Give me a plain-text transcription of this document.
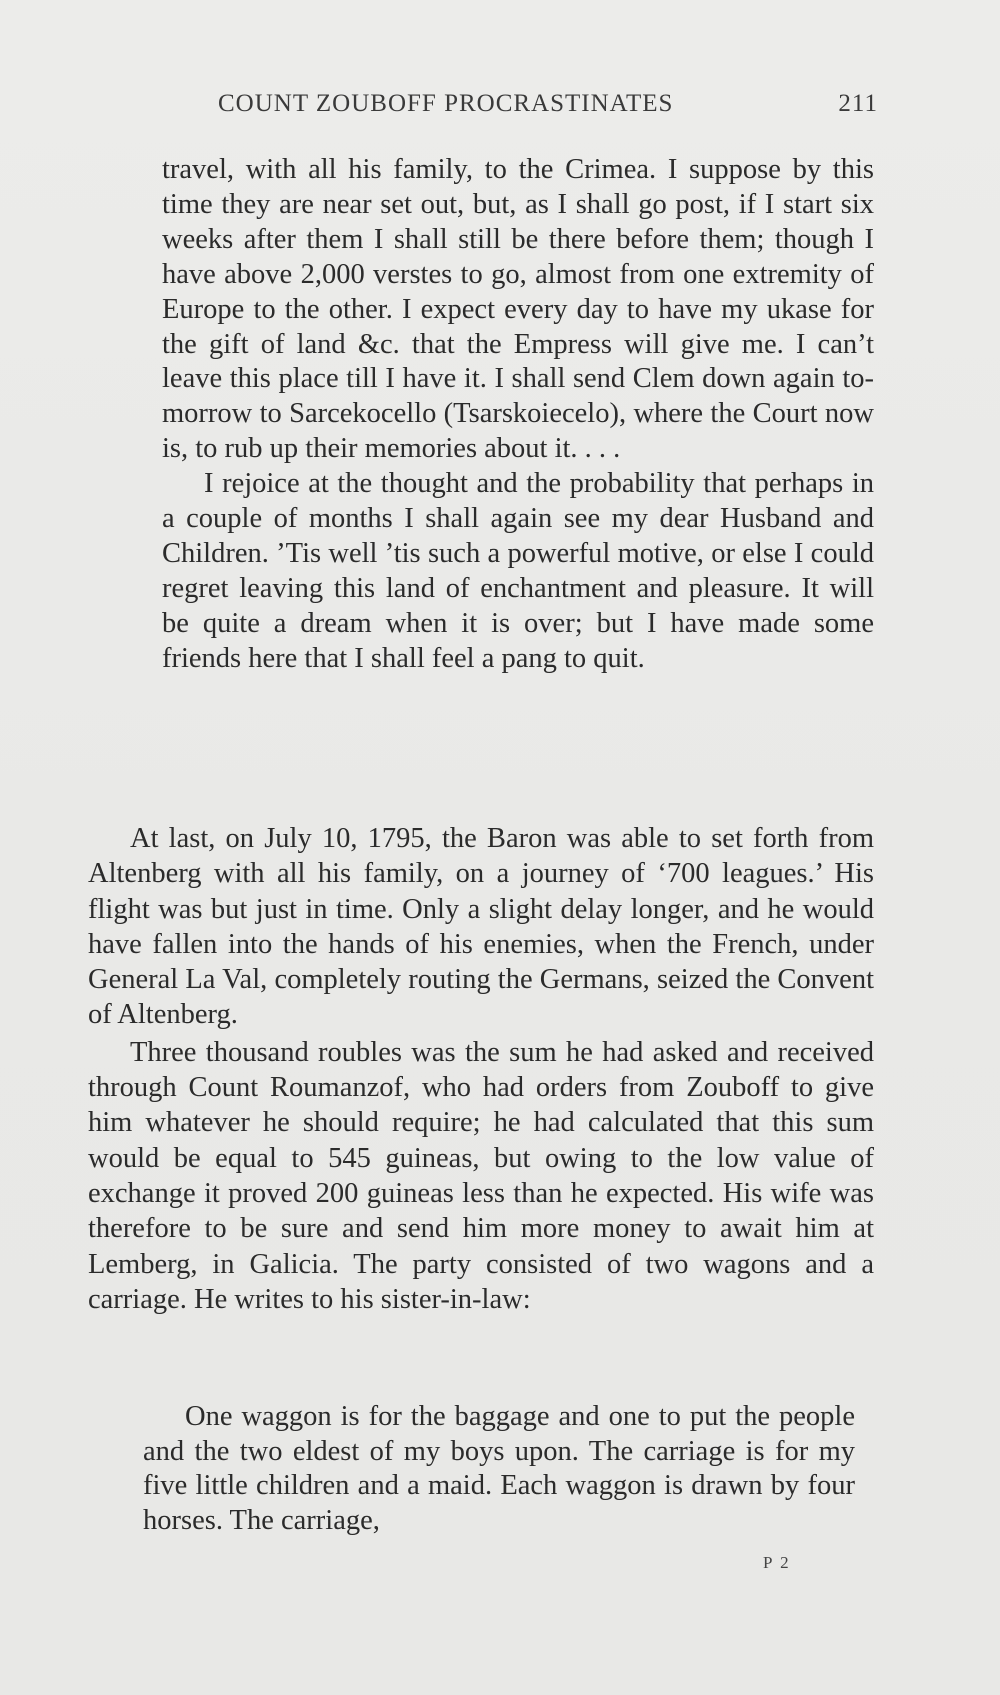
COUNT ZOUBOFF PROCRASTINATES	211

travel, with all his family, to the Crimea. I suppose by this time they are near set out, but, as I shall go post, if I start six weeks after them I shall still be there before them; though I have above 2,000 verstes to go, almost from one extremity of Europe to the other. I expect every day to have my ukase for the gift of land &c. that the Empress will give me. I can’t leave this place till I have it. I shall send Clem down again to-morrow to Sarcekocello (Tsarskoiecelo), where the Court now is, to rub up their memories about it. . . .

I rejoice at the thought and the probability that perhaps in a couple of months I shall again see my dear Husband and Children. ’Tis well ’tis such a powerful motive, or else I could regret leaving this land of enchantment and pleasure. It will be quite a dream when it is over; but I have made some friends here that I shall feel a pang to quit.

At last, on July 10, 1795, the Baron was able to set forth from Altenberg with all his family, on a journey of ‘700 leagues.’ His flight was but just in time. Only a slight delay longer, and he would have fallen into the hands of his enemies, when the French, under General La Val, completely routing the Germans, seized the Convent of Altenberg.

Three thousand roubles was the sum he had asked and received through Count Roumanzof, who had orders from Zouboff to give him whatever he should require; he had calculated that this sum would be equal to 545 guineas, but owing to the low value of exchange it proved 200 guineas less than he expected. His wife was therefore to be sure and send him more money to await him at Lemberg, in Galicia. The party consisted of two wagons and a carriage. He writes to his sister-in-law:

One waggon is for the baggage and one to put the people and the two eldest of my boys upon. The carriage is for my five little children and a maid. Each waggon is drawn by four horses. The carriage,

P 2
